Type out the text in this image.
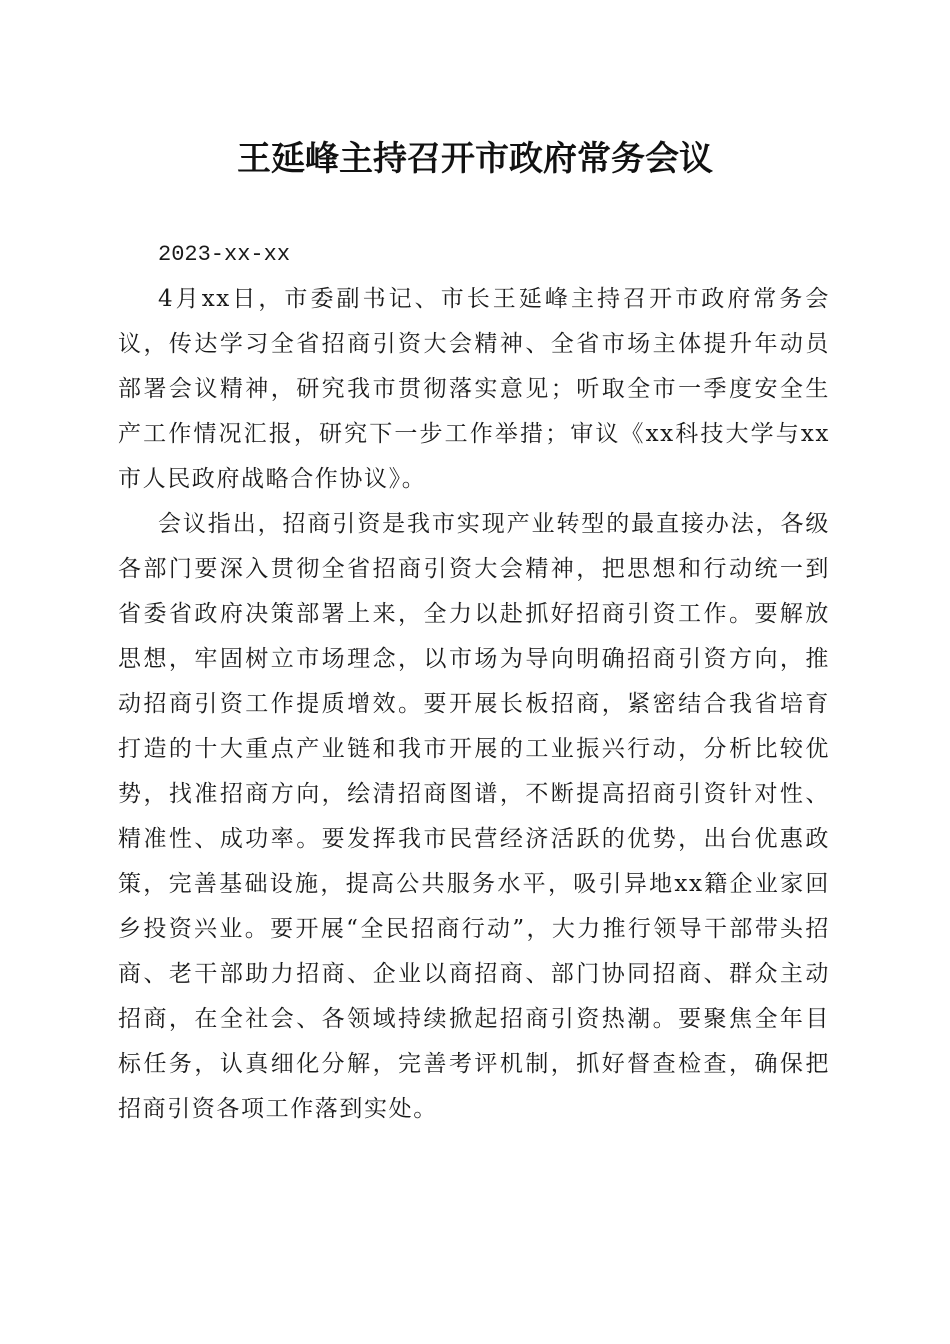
王延峰主持召开市政府常务会议

2023-xx-xx

4月xx日，市委副书记、市长王延峰主持召开市政府常务会议，传达学习全省招商引资大会精神、全省市场主体提升年动员部署会议精神，研究我市贯彻落实意见；听取全市一季度安全生产工作情况汇报，研究下一步工作举措；审议《xx科技大学与xx市人民政府战略合作协议》。

会议指出，招商引资是我市实现产业转型的最直接办法，各级各部门要深入贯彻全省招商引资大会精神，把思想和行动统一到省委省政府决策部署上来，全力以赴抓好招商引资工作。要解放思想，牢固树立市场理念，以市场为导向明确招商引资方向，推动招商引资工作提质增效。要开展长板招商，紧密结合我省培育打造的十大重点产业链和我市开展的工业振兴行动，分析比较优势，找准招商方向，绘清招商图谱，不断提高招商引资针对性、精准性、成功率。要发挥我市民营经济活跃的优势，出台优惠政策，完善基础设施，提高公共服务水平，吸引异地xx籍企业家回乡投资兴业。要开展“全民招商行动”，大力推行领导干部带头招商、老干部助力招商、企业以商招商、部门协同招商、群众主动招商，在全社会、各领域持续掀起招商引资热潮。要聚焦全年目标任务，认真细化分解，完善考评机制，抓好督查检查，确保把招商引资各项工作落到实处。
